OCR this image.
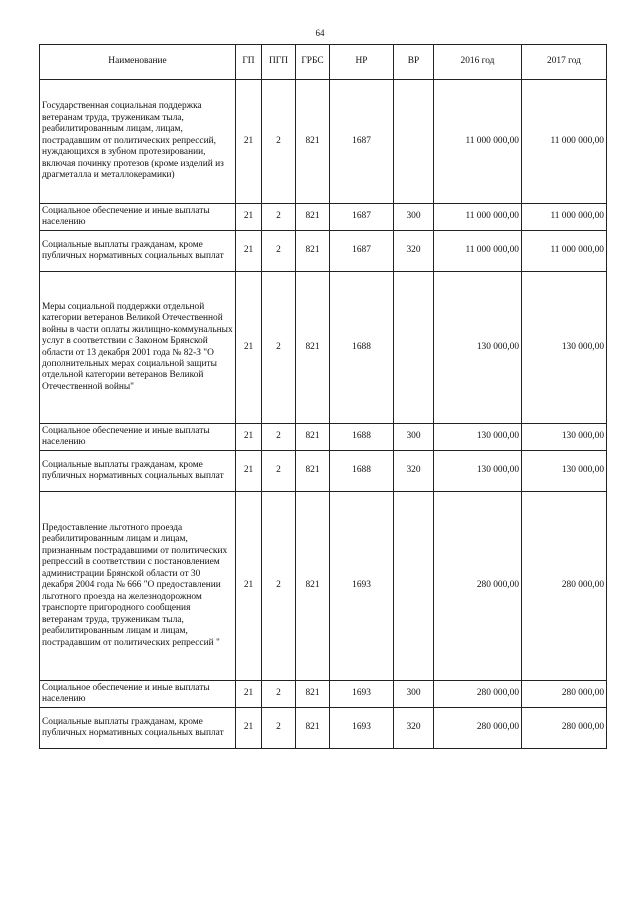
64
Наименование	ГП	ПГП	ГРБС	НР	ВР	2016 год	2017 год
Государственная социальная поддержка ветеранам труда, труженикам тыла, реабилитированным лицам, лицам, пострадавшим от политических репрессий, нуждающихся в зубном протезировании, включая починку протезов (кроме изделий из драгметалла и металлокерамики)	21	2	821	1687		11 000 000,00	11 000 000,00
Социальное обеспечение и иные выплаты населению	21	2	821	1687	300	11 000 000,00	11 000 000,00
Социальные выплаты гражданам, кроме публичных нормативных социальных выплат	21	2	821	1687	320	11 000 000,00	11 000 000,00
Меры социальной поддержки отдельной категории ветеранов Великой Отечественной войны в части оплаты жилищно-коммунальных услуг в соответствии с Законом Брянской области от 13 декабря 2001 года № 82-З "О дополнительных мерах социальной защиты отдельной категории ветеранов Великой Отечественной войны"	21	2	821	1688		130 000,00	130 000,00
Социальное обеспечение и иные выплаты населению	21	2	821	1688	300	130 000,00	130 000,00
Социальные выплаты гражданам, кроме публичных нормативных социальных выплат	21	2	821	1688	320	130 000,00	130 000,00
Предоставление льготного проезда реабилитированным лицам и лицам, признанным пострадавшими от политических репрессий в соответствии с постановлением администрации Брянской области от 30 декабря 2004 года № 666 "О предоставлении льготного проезда на железнодорожном транспорте пригородного сообщения ветеранам труда, труженикам тыла, реабилитированным лицам и лицам, пострадавшим от политических репрессий "	21	2	821	1693		280 000,00	280 000,00
Социальное обеспечение и иные выплаты населению	21	2	821	1693	300	280 000,00	280 000,00
Социальные выплаты гражданам, кроме публичных нормативных социальных выплат	21	2	821	1693	320	280 000,00	280 000,00
